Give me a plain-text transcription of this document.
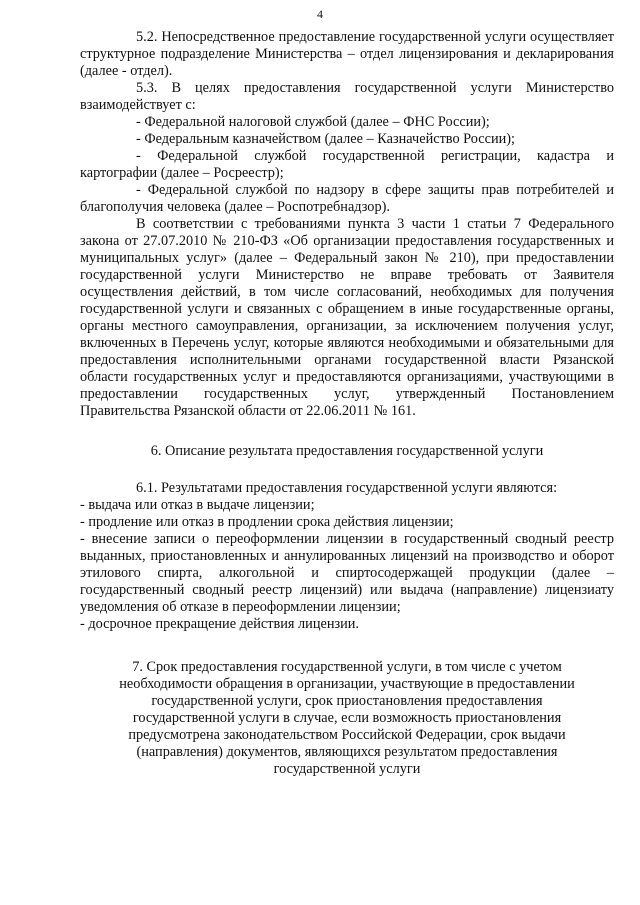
4

5.2. Непосредственное предоставление государственной услуги осуществляет структурное подразделение Министерства – отдел лицензирования и декларирования (далее - отдел).

5.3. В целях предоставления государственной услуги Министерство взаимодействует с:

- Федеральной налоговой службой (далее – ФНС России);

- Федеральным казначейством (далее – Казначейство России);

- Федеральной службой государственной регистрации, кадастра и картографии (далее – Росреестр);

- Федеральной службой по надзору в сфере защиты прав потребителей и благополучия человека (далее – Роспотребнадзор).

В соответствии с требованиями пункта 3 части 1 статьи 7 Федерального закона от 27.07.2010 № 210-ФЗ «Об организации предоставления государственных и муниципальных услуг» (далее – Федеральный закон № 210), при предоставлении государственной услуги Министерство не вправе требовать от Заявителя осуществления действий, в том числе согласований, необходимых для получения государственной услуги и связанных с обращением в иные государственные органы, органы местного самоуправления, организации, за исключением получения услуг, включенных в Перечень услуг, которые являются необходимыми и обязательными для предоставления исполнительными органами государственной власти Рязанской области государственных услуг и предоставляются организациями, участвующими в предоставлении государственных услуг, утвержденный Постановлением Правительства Рязанской области от 22.06.2011 № 161.

6. Описание результата предоставления государственной услуги

6.1. Результатами предоставления государственной услуги являются:

- выдача или отказ в выдаче лицензии;

- продление или отказ в продлении срока действия лицензии;

- внесение записи о переоформлении лицензии в государственный сводный реестр выданных, приостановленных и аннулированных лицензий на производство и оборот этилового спирта, алкогольной и спиртосодержащей продукции (далее – государственный сводный реестр лицензий) или выдача (направление) лицензиату уведомления об отказе в переоформлении лицензии;

- досрочное прекращение действия лицензии.

7. Срок предоставления государственной услуги, в том числе с учетом необходимости обращения в организации, участвующие в предоставлении государственной услуги, срок приостановления предоставления государственной услуги в случае, если возможность приостановления предусмотрена законодательством Российской Федерации, срок выдачи (направления) документов, являющихся результатом предоставления государственной услуги
